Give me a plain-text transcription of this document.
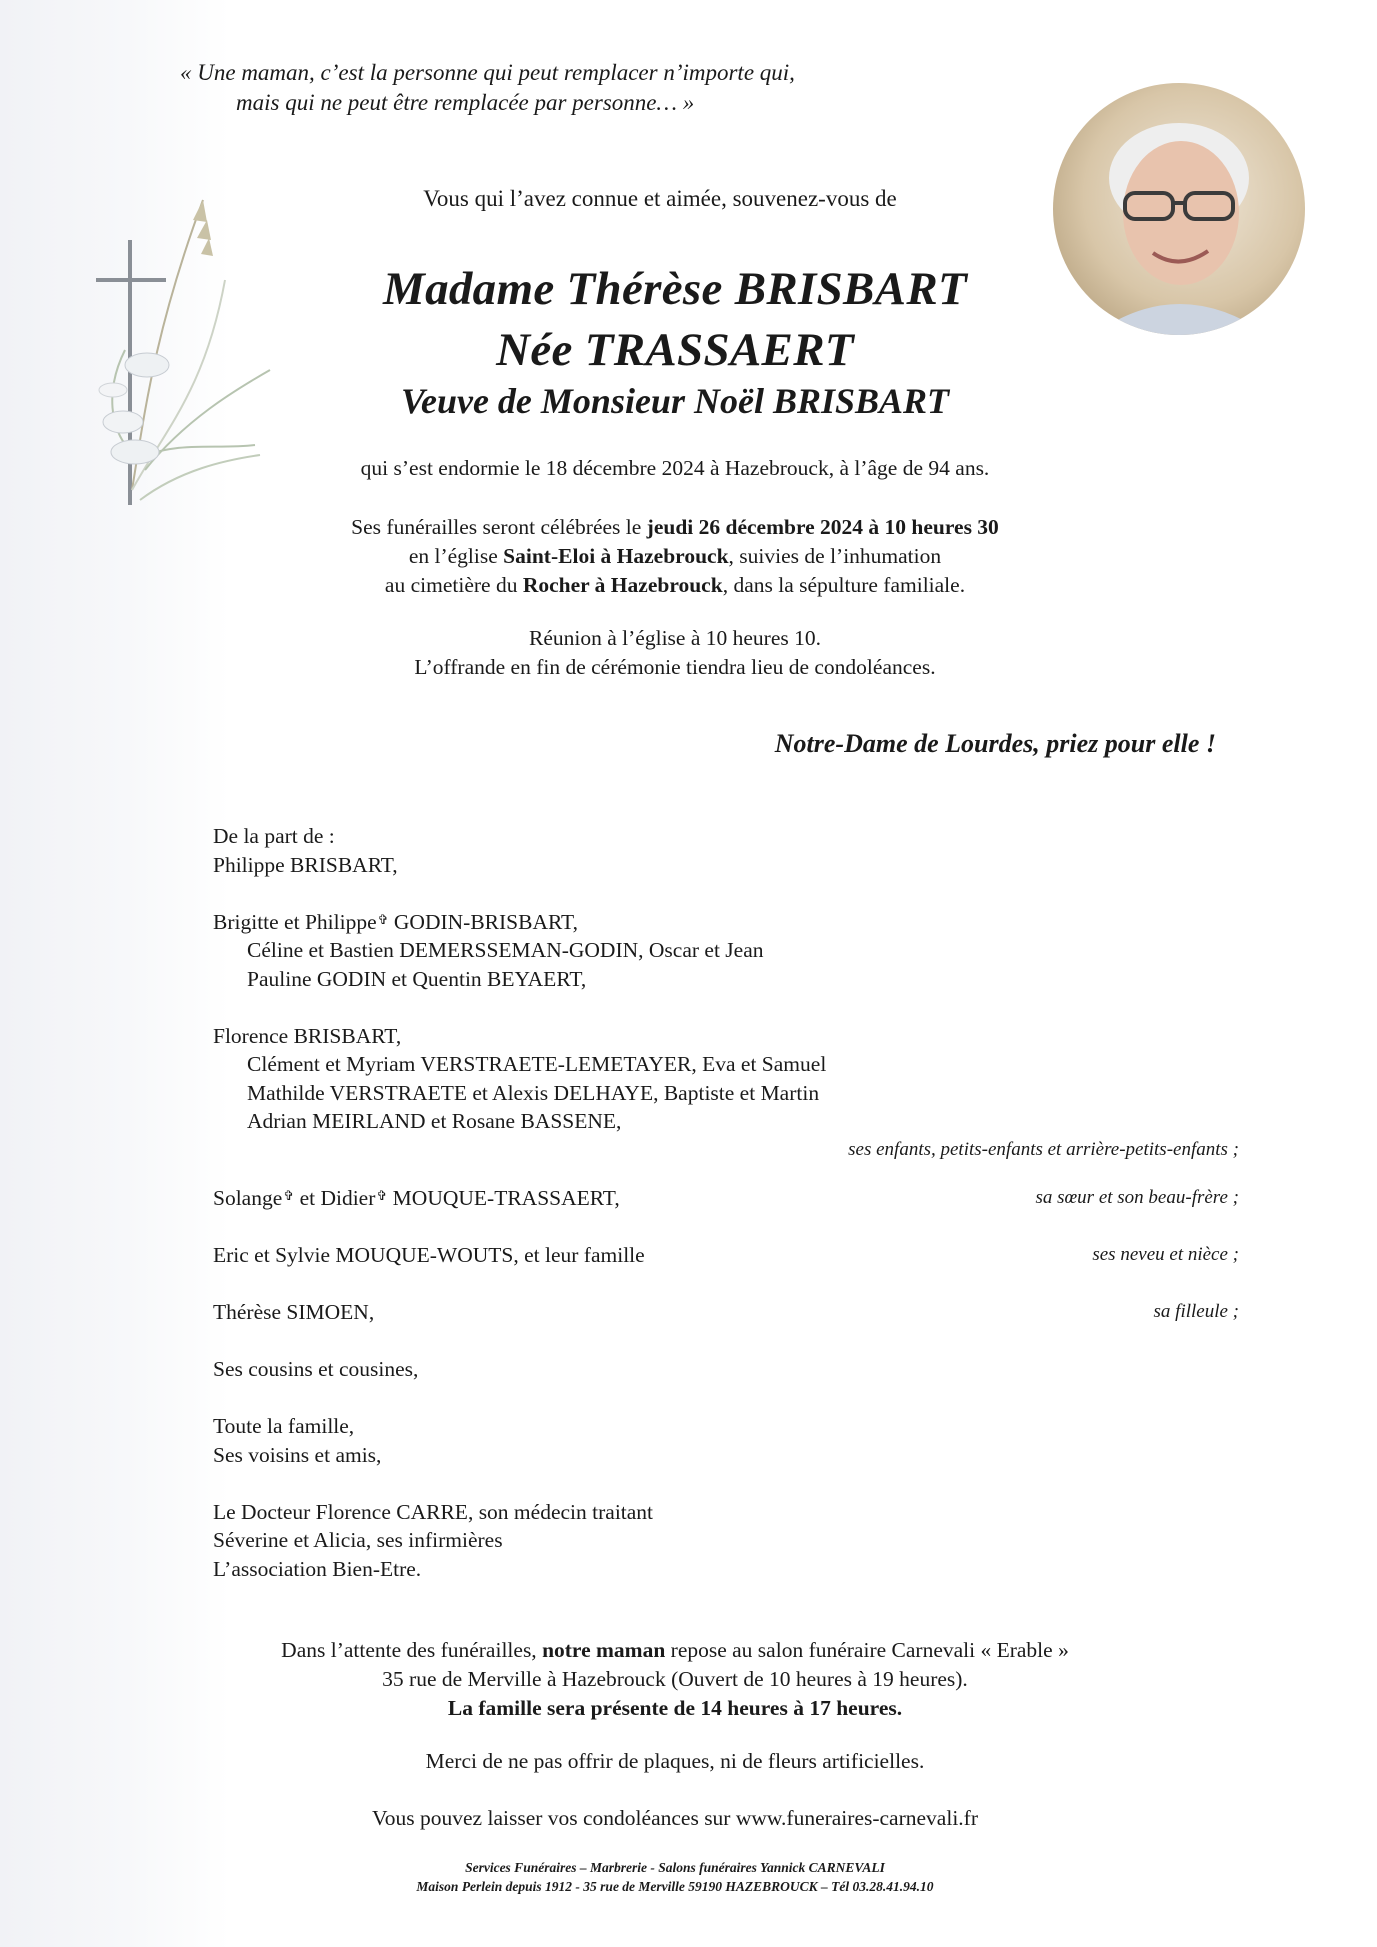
« Une maman, c’est la personne qui peut remplacer n’importe qui,
mais qui ne peut être remplacée par personne… »
Vous qui l’avez connue et aimée, souvenez-vous de
Madame Thérèse BRISBART
Née TRASSAERT
Veuve de Monsieur Noël BRISBART
qui s’est endormie le 18 décembre 2024 à Hazebrouck, à l’âge de 94 ans.
Ses funérailles seront célébrées le jeudi 26 décembre 2024 à 10 heures 30
en l’église Saint-Eloi à Hazebrouck, suivies de l’inhumation
au cimetière du Rocher à Hazebrouck, dans la sépulture familiale.
Réunion à l’église à 10 heures 10.
L’offrande en fin de cérémonie tiendra lieu de condoléances.
Notre-Dame de Lourdes, priez pour elle !
De la part de :
Philippe BRISBART,
Brigitte et Philippe✞ GODIN-BRISBART,
Céline et Bastien DEMERSSEMAN-GODIN, Oscar et Jean
Pauline GODIN et Quentin BEYAERT,
Florence BRISBART,
Clément et Myriam VERSTRAETE-LEMETAYER, Eva et Samuel
Mathilde VERSTRAETE et Alexis DELHAYE, Baptiste et Martin
Adrian MEIRLAND et Rosane BASSENE,
ses enfants, petits-enfants et arrière-petits-enfants ;
Solange✞ et Didier✞ MOUQUE-TRASSAERT,	sa sœur et son beau-frère ;
Eric et Sylvie MOUQUE-WOUTS, et leur famille	ses neveu et nièce ;
Thérèse SIMOEN,	sa filleule ;
Ses cousins et cousines,
Toute la famille,
Ses voisins et amis,
Le Docteur Florence CARRE, son médecin traitant
Séverine et Alicia, ses infirmières
L’association Bien-Etre.
Dans l’attente des funérailles, notre maman repose au salon funéraire Carnevali « Erable »
35 rue de Merville à Hazebrouck (Ouvert de 10 heures à 19 heures).
La famille sera présente de 14 heures à 17 heures.
Merci de ne pas offrir de plaques, ni de fleurs artificielles.
Vous pouvez laisser vos condoléances sur www.funeraires-carnevali.fr
Services Funéraires – Marbrerie - Salons funéraires Yannick CARNEVALI
Maison Perlein depuis 1912 - 35 rue de Merville 59190 HAZEBROUCK – Tél 03.28.41.94.10
